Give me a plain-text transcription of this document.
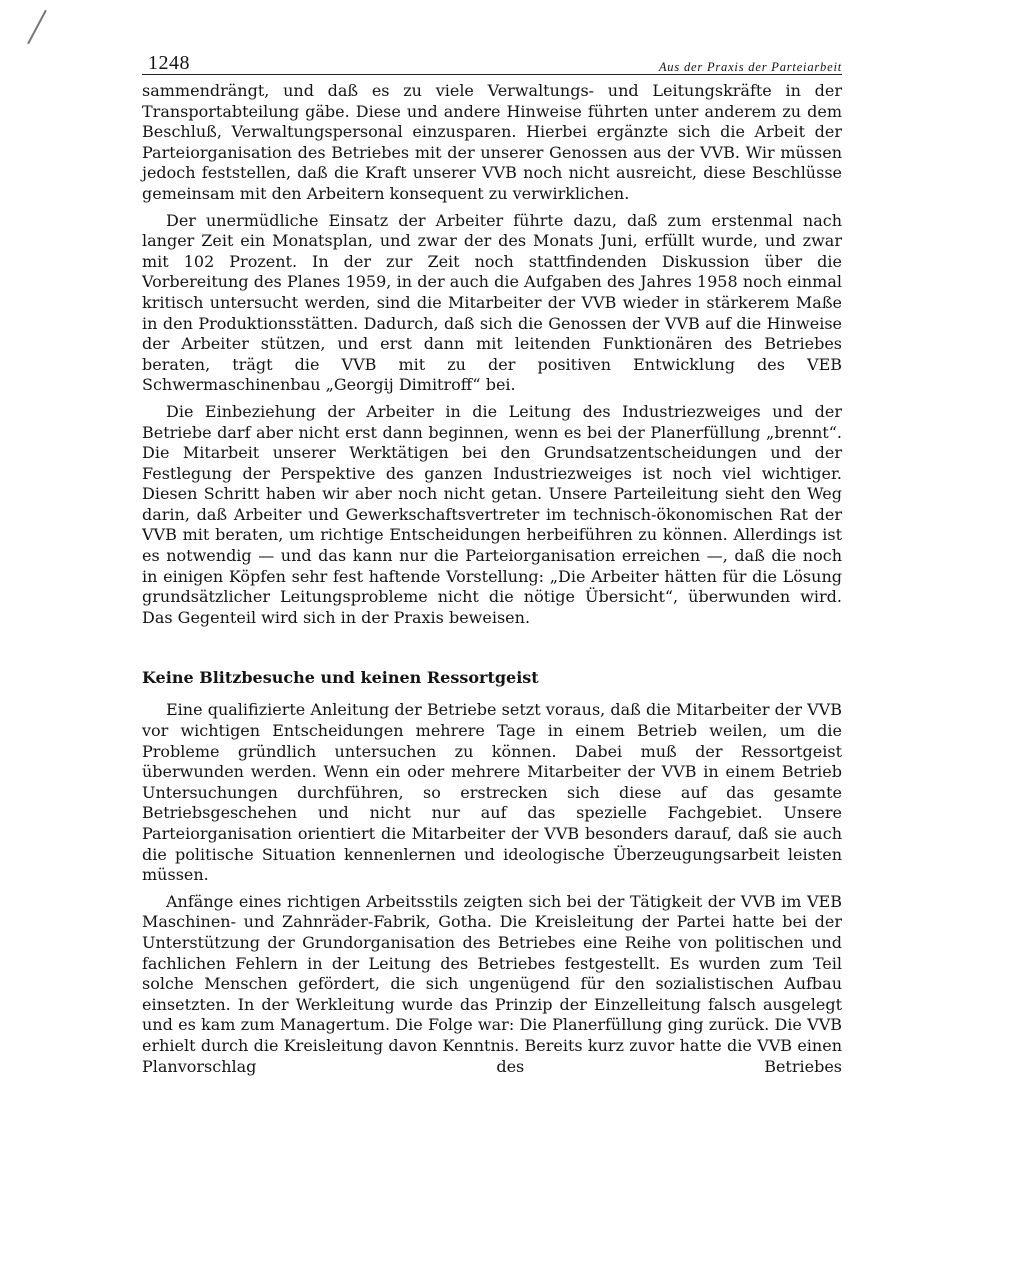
1248	Aus der Praxis der Parteiarbeit

sammendrängt, und daß es zu viele Verwaltungs- und Leitungskräfte in der Transportabteilung gäbe. Diese und andere Hinweise führten unter anderem zu dem Beschluß, Verwaltungspersonal einzusparen. Hierbei ergänzte sich die Arbeit der Parteiorganisation des Betriebes mit der unserer Genossen aus der VVB. Wir müssen jedoch feststellen, daß die Kraft unserer VVB noch nicht ausreicht, diese Beschlüsse gemeinsam mit den Arbeitern konsequent zu verwirklichen.

Der unermüdliche Einsatz der Arbeiter führte dazu, daß zum erstenmal nach langer Zeit ein Monatsplan, und zwar der des Monats Juni, erfüllt wurde, und zwar mit 102 Prozent. In der zur Zeit noch stattfindenden Diskussion über die Vorbereitung des Planes 1959, in der auch die Aufgaben des Jahres 1958 noch einmal kritisch untersucht werden, sind die Mitarbeiter der VVB wieder in stärkerem Maße in den Produktionsstätten. Dadurch, daß sich die Genossen der VVB auf die Hinweise der Arbeiter stützen, und erst dann mit leitenden Funktionären des Betriebes beraten, trägt die VVB mit zu der positiven Entwicklung des VEB Schwermaschinenbau „Georgij Dimitroff“ bei.

Die Einbeziehung der Arbeiter in die Leitung des Industriezweiges und der Betriebe darf aber nicht erst dann beginnen, wenn es bei der Planerfüllung „brennt“. Die Mitarbeit unserer Werktätigen bei den Grundsatzentscheidungen und der Festlegung der Perspektive des ganzen Industriezweiges ist noch viel wichtiger. Diesen Schritt haben wir aber noch nicht getan. Unsere Parteileitung sieht den Weg darin, daß Arbeiter und Gewerkschaftsvertreter im technisch-ökonomischen Rat der VVB mit beraten, um richtige Entscheidungen herbeiführen zu können. Allerdings ist es notwendig — und das kann nur die Parteiorganisation erreichen —, daß die noch in einigen Köpfen sehr fest haftende Vorstellung: „Die Arbeiter hätten für die Lösung grundsätzlicher Leitungsprobleme nicht die nötige Übersicht“, überwunden wird. Das Gegenteil wird sich in der Praxis beweisen.

Keine Blitzbesuche und keinen Ressortgeist

Eine qualifizierte Anleitung der Betriebe setzt voraus, daß die Mitarbeiter der VVB vor wichtigen Entscheidungen mehrere Tage in einem Betrieb weilen, um die Probleme gründlich untersuchen zu können. Dabei muß der Ressortgeist überwunden werden. Wenn ein oder mehrere Mitarbeiter der VVB in einem Betrieb Untersuchungen durchführen, so erstrecken sich diese auf das gesamte Betriebsgeschehen und nicht nur auf das spezielle Fachgebiet. Unsere Parteiorganisation orientiert die Mitarbeiter der VVB besonders darauf, daß sie auch die politische Situation kennenlernen und ideologische Überzeugungsarbeit leisten müssen.

Anfänge eines richtigen Arbeitsstils zeigten sich bei der Tätigkeit der VVB im VEB Maschinen- und Zahnräder-Fabrik, Gotha. Die Kreisleitung der Partei hatte bei der Unterstützung der Grundorganisation des Betriebes eine Reihe von politischen und fachlichen Fehlern in der Leitung des Betriebes festgestellt. Es wurden zum Teil solche Menschen gefördert, die sich ungenügend für den sozialistischen Aufbau einsetzten. In der Werkleitung wurde das Prinzip der Einzelleitung falsch ausgelegt und es kam zum Managertum. Die Folge war: Die Planerfüllung ging zurück. Die VVB erhielt durch die Kreisleitung davon Kenntnis. Bereits kurz zuvor hatte die VVB einen Planvorschlag des Betriebes
